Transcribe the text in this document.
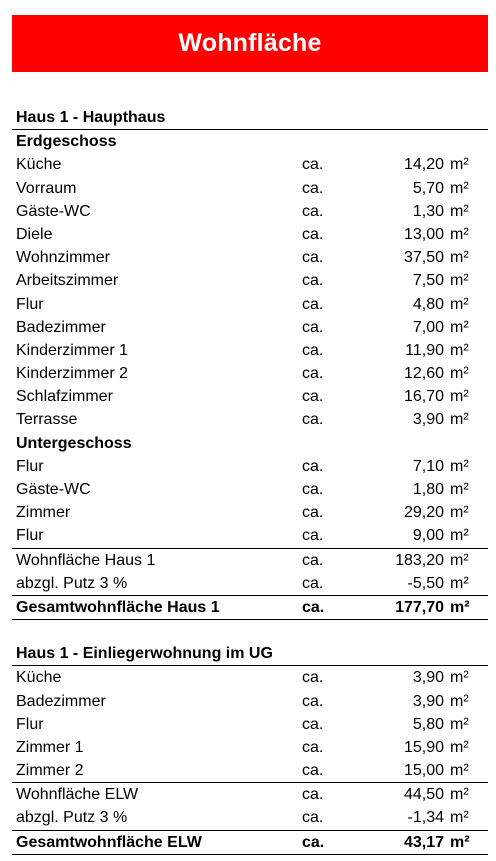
Wohnfläche
Haus 1 - Haupthaus
Erdgeschoss
Küche	ca.	14,20 m²
Vorraum	ca.	5,70 m²
Gäste-WC	ca.	1,30 m²
Diele	ca.	13,00 m²
Wohnzimmer	ca.	37,50 m²
Arbeitszimmer	ca.	7,50 m²
Flur	ca.	4,80 m²
Badezimmer	ca.	7,00 m²
Kinderzimmer 1	ca.	11,90 m²
Kinderzimmer 2	ca.	12,60 m²
Schlafzimmer	ca.	16,70 m²
Terrasse	ca.	3,90 m²
Untergeschoss
Flur	ca.	7,10 m²
Gäste-WC	ca.	1,80 m²
Zimmer	ca.	29,20 m²
Flur	ca.	9,00 m²
Wohnfläche Haus 1	ca.	183,20 m²
abzgl. Putz 3 %	ca.	-5,50 m²
Gesamtwohnfläche Haus 1	ca.	177,70 m²
Haus 1 - Einliegerwohnung im UG
Küche	ca.	3,90 m²
Badezimmer	ca.	3,90 m²
Flur	ca.	5,80 m²
Zimmer 1	ca.	15,90 m²
Zimmer 2	ca.	15,00 m²
Wohnfläche ELW	ca.	44,50 m²
abzgl. Putz 3 %	ca.	-1,34 m²
Gesamtwohnfläche ELW	ca.	43,17 m²
